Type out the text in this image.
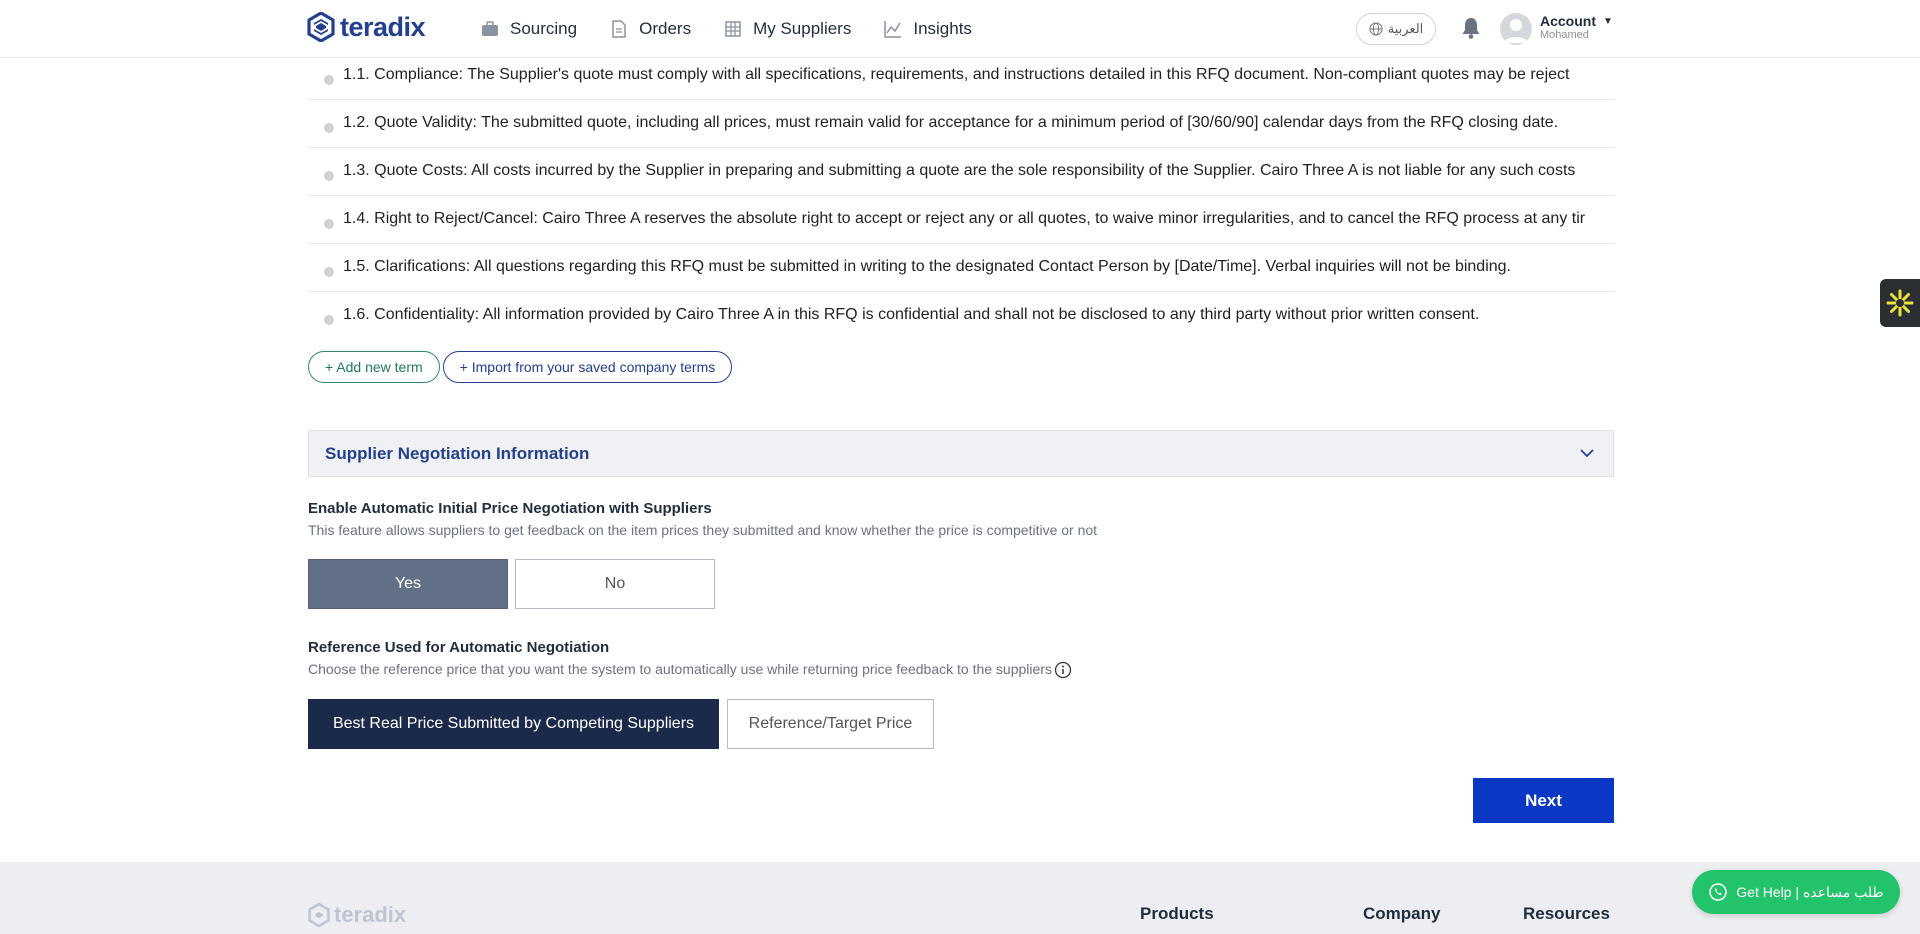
teradix	Sourcing	Orders	My Suppliers	Insights	العربية	Account ▼
Mohamed
1.1. Compliance: The Supplier's quote must comply with all specifications, requirements, and instructions detailed in this RFQ document. Non-compliant quotes may be reject
1.2. Quote Validity: The submitted quote, including all prices, must remain valid for acceptance for a minimum period of [30/60/90] calendar days from the RFQ closing date.
1.3. Quote Costs: All costs incurred by the Supplier in preparing and submitting a quote are the sole responsibility of the Supplier. Cairo Three A is not liable for any such costs
1.4. Right to Reject/Cancel: Cairo Three A reserves the absolute right to accept or reject any or all quotes, to waive minor irregularities, and to cancel the RFQ process at any tir
1.5. Clarifications: All questions regarding this RFQ must be submitted in writing to the designated Contact Person by [Date/Time]. Verbal inquiries will not be binding.
1.6. Confidentiality: All information provided by Cairo Three A in this RFQ is confidential and shall not be disclosed to any third party without prior written consent.
+ Add new term	+ Import from your saved company terms
Supplier Negotiation Information
Enable Automatic Initial Price Negotiation with Suppliers
This feature allows suppliers to get feedback on the item prices they submitted and know whether the price is competitive or not
Yes	No
Reference Used for Automatic Negotiation
Choose the reference price that you want the system to automatically use while returning price feedback to the suppliers
Best Real Price Submitted by Competing Suppliers	Reference/Target Price
Next
teradix	Products	Company	Resources
Get Help | طلب مساعده
